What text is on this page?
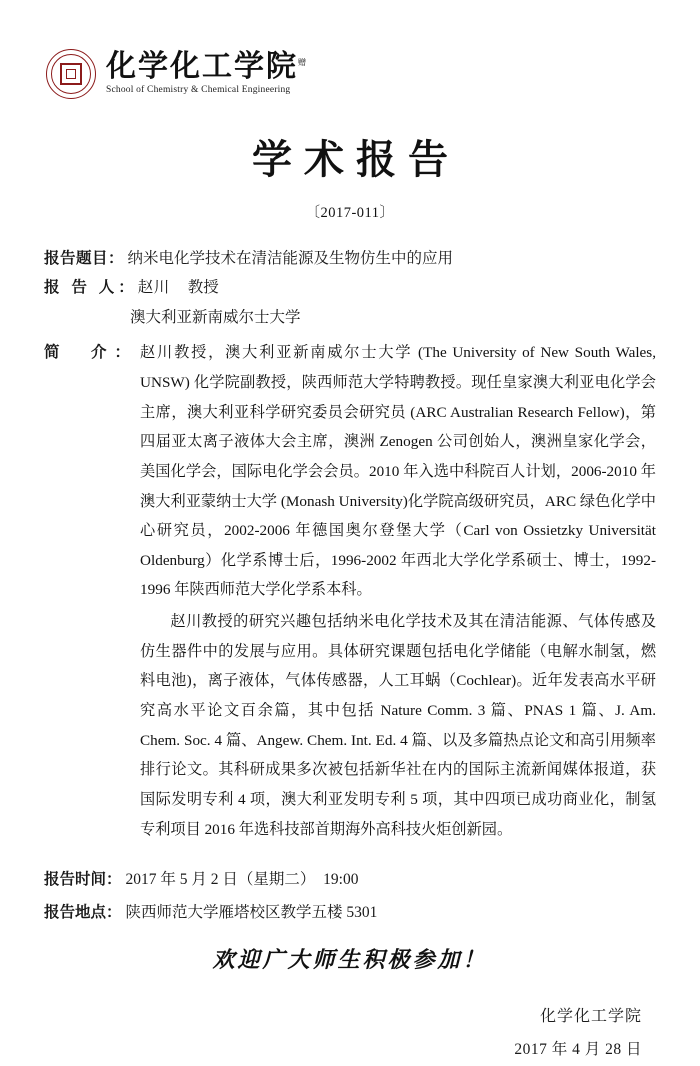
化学化工学院$^赠$
School of Chemistry & Chemical Engineering
学术报告
〔2017-011〕
报告题目 ： 纳米电化学技术在清洁能源及生物仿生中的应用
报 告 人 ： 赵川 教授
澳大利亚新南威尔士大学
简　介： 赵川教授，澳大利亚新南威尔士大学 (The University of New South Wales, UNSW) 化学院副教授，陕西师范大学特聘教授。现任皇家澳大利亚电化学会主席，澳大利亚科学研究委员会研究员 (ARC Australian Research Fellow)，第四届亚太离子液体大会主席，澳洲 Zenogen 公司创始人，澳洲皇家化学会，美国化学会，国际电化学会会员。2010 年入选中科院百人计划，2006-2010 年澳大利亚蒙纳士大学 (Monash University)化学院高级研究员，ARC 绿色化学中心研究员，2002-2006 年德国奥尔登堡大学（Carl von Ossietzky Universität Oldenburg）化学系博士后，1996-2002 年西北大学化学系硕士、博士，1992-1996 年陕西师范大学化学系本科。

赵川教授的研究兴趣包括纳米电化学技术及其在清洁能源、气体传感及仿生器件中的发展与应用。具体研究课题包括电化学储能（电解水制氢，燃料电池)，离子液体，气体传感器，人工耳蜗（Cochlear)。近年发表高水平研究高水平论文百余篇，其中包括 Nature Comm. 3 篇、PNAS 1 篇、J. Am. Chem. Soc. 4 篇、Angew. Chem. Int. Ed. 4 篇、以及多篇热点论文和高引用频率排行论文。其科研成果多次被包括新华社在内的国际主流新闻媒体报道，获国际发明专利 4 项，澳大利亚发明专利 5 项，其中四项已成功商业化，制氢专利项目 2016 年选科技部首期海外高科技火炬创新园。

报告时间： 2017 年 5 月 2 日（星期二）　19:00
报告地点： 陕西师范大学雁塔校区教学五楼 5301
欢迎广大师生积极参加！
化学化工学院
2017 年 4 月 28 日
